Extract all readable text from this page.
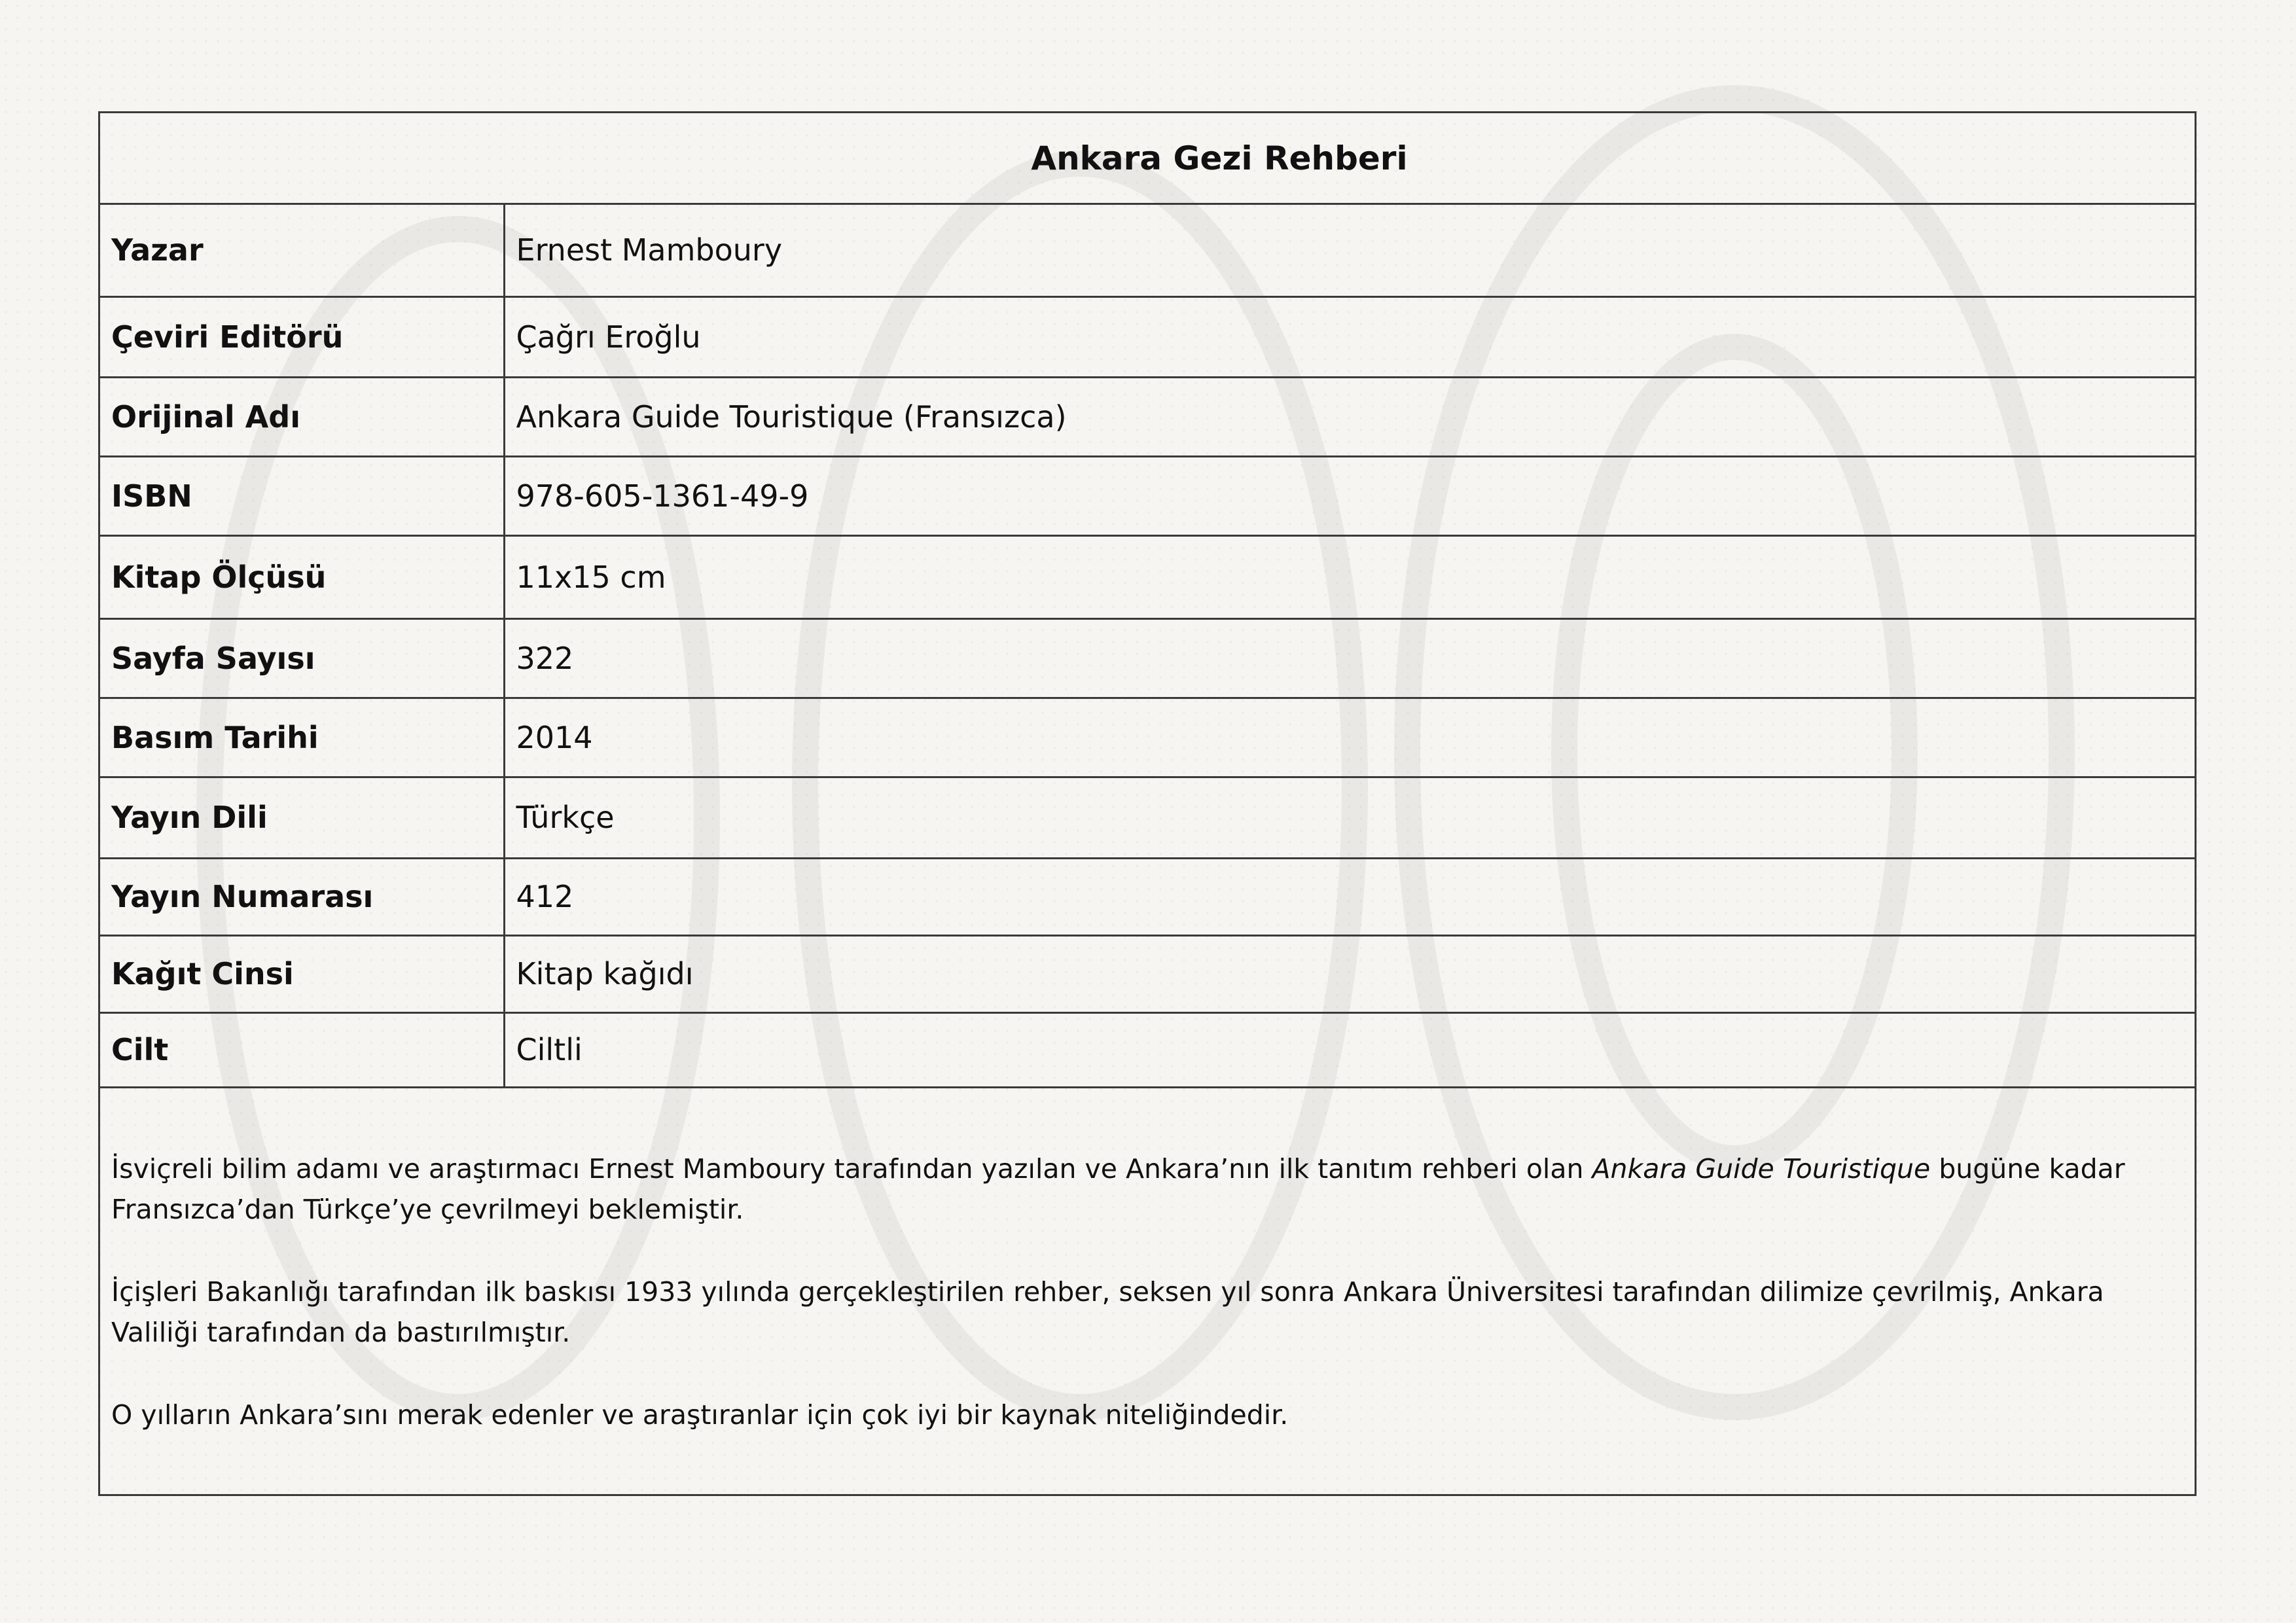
Ankara Gezi Rehberi
Yazar	Ernest Mamboury
Çeviri Editörü	Çağrı Eroğlu
Orijinal Adı	Ankara Guide Touristique (Fransızca)
ISBN	978-605-1361-49-9
Kitap Ölçüsü	11x15 cm
Sayfa Sayısı	322
Basım Tarihi	2014
Yayın Dili	Türkçe
Yayın Numarası	412
Kağıt Cinsi	Kitap kağıdı
Cilt	Ciltli

İsviçreli bilim adamı ve araştırmacı Ernest Mamboury tarafından yazılan ve Ankara’nın ilk tanıtım rehberi olan Ankara Guide Touristique bugüne kadar Fransızca’dan Türkçe’ye çevrilmeyi beklemiştir.

İçişleri Bakanlığı tarafından ilk baskısı 1933 yılında gerçekleştirilen rehber, seksen yıl sonra Ankara Üniversitesi tarafından dilimize çevrilmiş, Ankara Valiliği tarafından da bastırılmıştır.

O yılların Ankara’sını merak edenler ve araştıranlar için çok iyi bir kaynak niteliğindedir.
